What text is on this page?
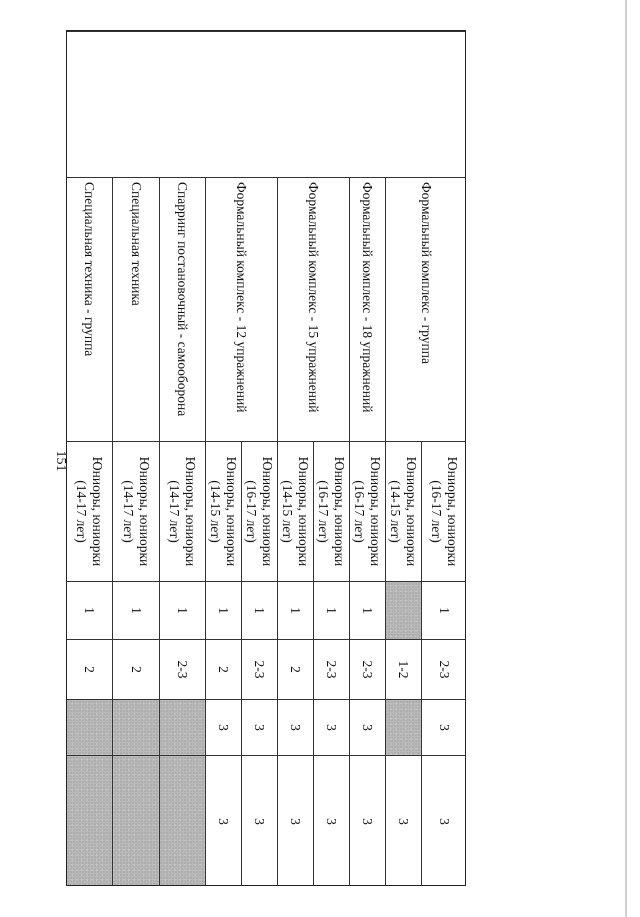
151
	Формальный комплекс - группа	Юниоры, юниорки (16-17 лет)	1	2-3	3	3
		Юниоры, юниорки (14-15 лет)		1-2		3
	Формальный комплекс - 18 упражнений	Юниоры, юниорки (16-17 лет)	1	2-3	3	3
	Формальный комплекс - 15 упражнений	Юниоры, юниорки (16-17 лет)	1	2-3	3	3
		Юниоры, юниорки (14-15 лет)	1	2	3	3
	Формальный комплекс - 12 упражнений	Юниоры, юниорки (16-17 лет)	1	2-3	3	3
		Юниоры, юниорки (14-15 лет)	1	2	3	3
	Спарринг постановочный - самооборона	Юниоры, юниорки (14-17 лет)	1	2-3		
	Специальная техника	Юниоры, юниорки (14-17 лет)	1	2		
	Специальная техника - группа	Юниоры, юниорки (14-17 лет)	1	2		
